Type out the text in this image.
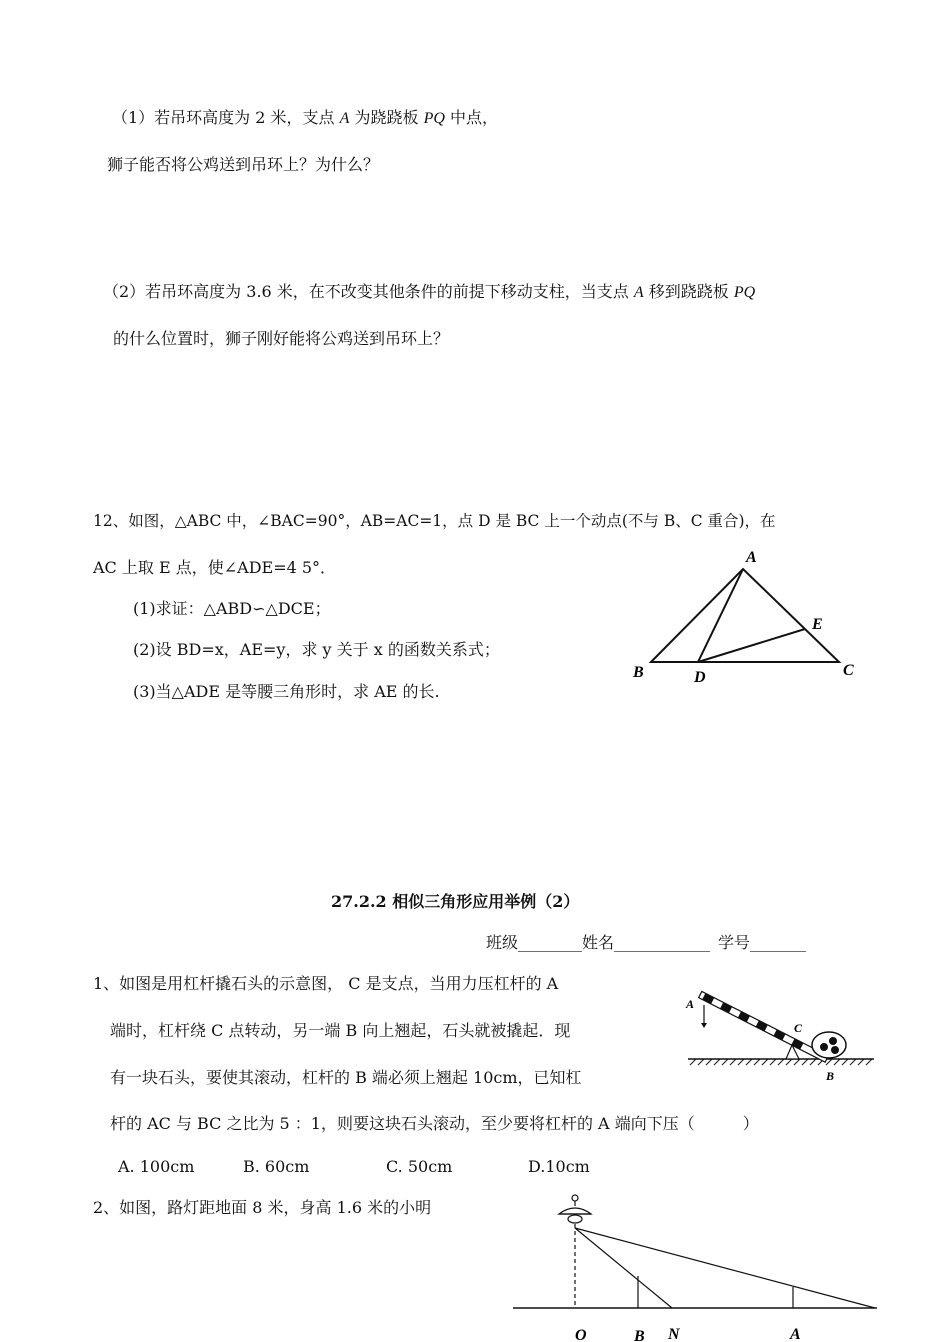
（1）若吊环高度为 2 米，支点 A 为跷跷板 PQ 中点，
狮子能否将公鸡送到吊环上？为什么？
（2）若吊环高度为 3.6 米，在不改变其他条件的前提下移动支柱，当支点 A 移到跷跷板 PQ
的什么位置时，狮子刚好能将公鸡送到吊环上？
12、如图，△ABC 中，∠BAC=90°，AB=AC=1，点 D 是 BC 上一个动点(不与 B、C 重合)，在
AC 上取 E 点，使∠ADE=4 5°．
(1)求证：△ABD∽△DCE；
(2)设 BD=x，AE=y，求 y 关于 x 的函数关系式；
(3)当△ADE 是等腰三角形时，求 AE 的长.
A
B	C
D
E
27.2.2 相似三角形应用举例（2）
班级________姓名____________ 学号_______
1、如图是用杠杆撬石头的示意图， C 是支点，当用力压杠杆的 A
端时，杠杆绕 C 点转动，另一端 B 向上翘起，石头就被撬起．现
有一块石头，要使其滚动，杠杆的 B 端必须上翘起 10cm，已知杠
杆的 AC 与 BC 之比为 5 ：1，则要这块石头滚动，至少要将杠杆的 A 端向下压（　　　）
A. 100cm	B. 60cm	C. 50cm	D.10cm
A
C
B
2、如图，路灯距地面 8 米，身高 1.6 米的小明
O	B N	A
